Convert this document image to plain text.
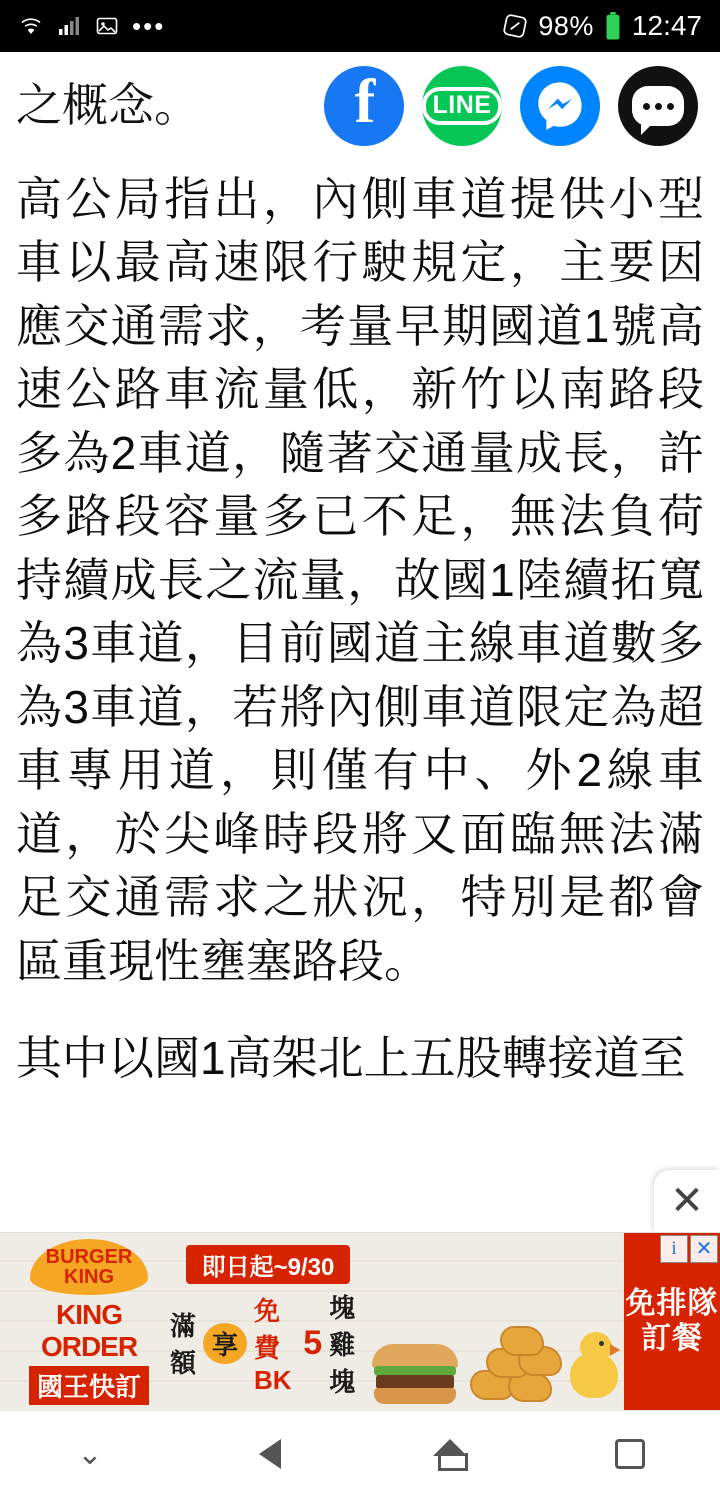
•••	98% 12:47
之概念。 f	LINE
高公局指出，內側車道提供小型車以最高速限行駛規定，主要因應交通需求，考量早期國道1號高速公路車流量低，新竹以南路段多為2車道，隨著交通量成長，許多路段容量多已不足，無法負荷持續成長之流量，故國1陸續拓寬為3車道，目前國道主線車道數多為3車道，若將內側車道限定為超車專用道，則僅有中、外2線車道，於尖峰時段將又面臨無法滿足交通需求之狀況，特別是都會區重現性壅塞路段。
其中以國1高架北上五股轉接道至
✕
i ✕
BURGER KING
KING ORDER
國王快訂
即日起~9/30
滿額
享
免費BK
5
塊雞塊
免排隊訂餐
⌄
